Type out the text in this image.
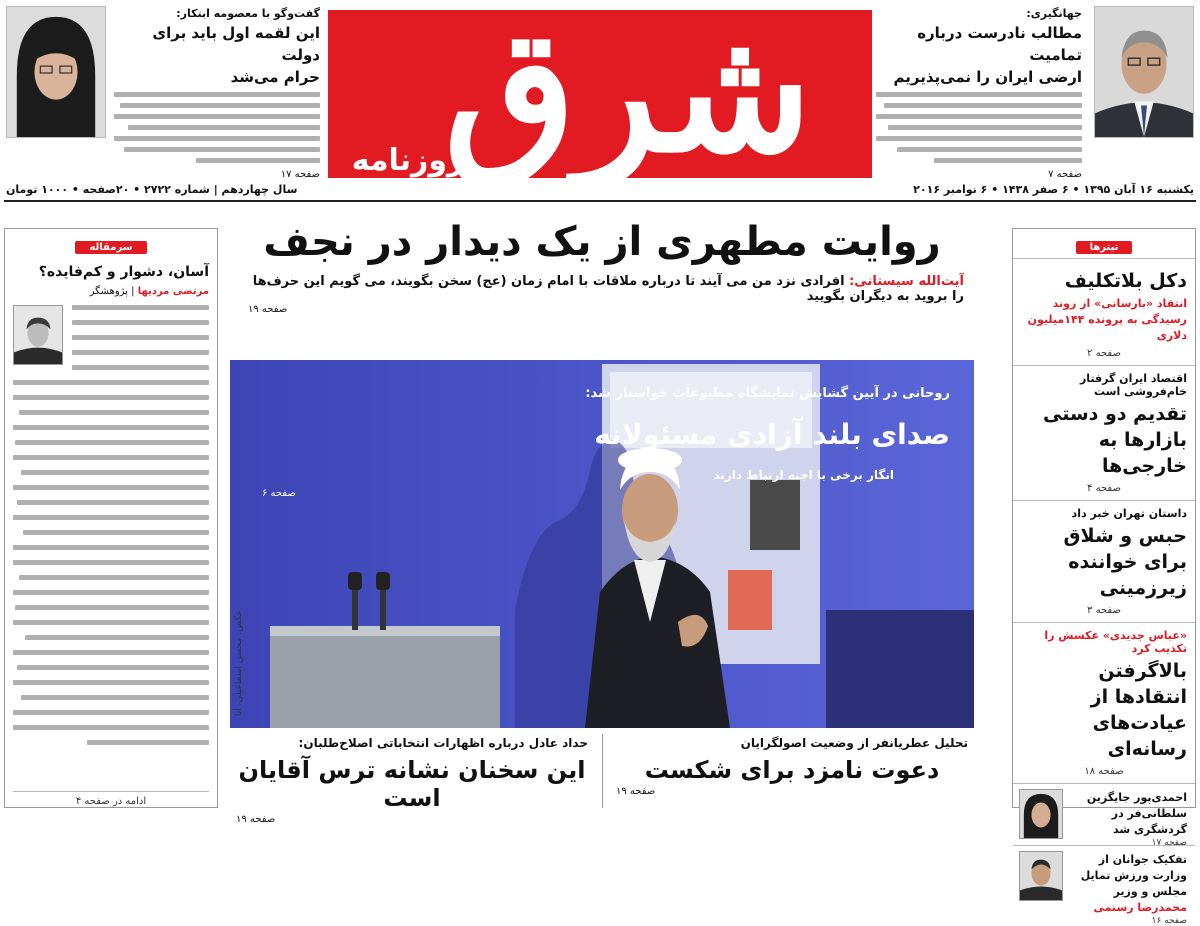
جهانگیری:
مطالب نادرست درباره تمامیت
ارضی ایران را نمی‌پذیریم
صفحه ۷
شرق
روزنامه
گفت‌و‌گو با معصومه ابتکار:
این لقمه اول باید برای دولت
حرام می‌شد
صفحه ۱۷
یکشنبه ۱۶ آبان ۱۳۹۵ • ۶ صفر ۱۴۳۸ • ۶ نوامبر ۲۰۱۶
سال چهاردهم | شماره ۲۷۲۲ • ۲۰صفحه • ۱۰۰۰ تومان
سرمقاله
آسان، دشوار و کم‌فایده؟
مرتضی مردیها | پژوهشگر
ادامه در صفحه ۴
روایت مطهری از یک دیدار در نجف
آیت‌الله سیستانی: افرادی نزد من می آیند تا درباره ملاقات با امام زمان (عج) سخن بگویند، می گویم این حرف‌ها را بروید به دیگران بگویید
صفحه ۱۹
روحانی در آیین گشایش نمایشگاه مطبوعات خواستار شد:
صدای بلند آزادی مسئولانه
انگار برخی با اجنه ارتباط دارند
صفحه ۶
عکس: محسن اسماعیلی، آنا
تحلیل عطریانفر از وضعیت اصولگرایان
دعوت نامزد برای شکست
صفحه ۱۹
حداد عادل درباره اظهارات انتخاباتی اصلاح‌طلبان:
این سخنان نشانه ترس آقایان است
صفحه ۱۹
تیترها
دکل بلاتکلیف
انتقاد «بارسانی» از روند رسیدگی به پرونده ۱۴۴میلیون دلاری
صفحه ۲
اقتصاد ایران گرفتار خام‌فروشی است
تقدیم دو دستی بازارها به خارجی‌ها
صفحه ۴
داستان تهران خبر داد
حبس و شلاق برای خواننده زیرزمینی
صفحه ۳
«عباس جدیدی» عکسش را تکذیب کرد
بالاگرفتن انتقادها از عیادت‌های رسانه‌ای
صفحه ۱۸
احمدی‌پور جایگزین سلطانی‌فر در گردشگری شد
صفحه ۱۷
تفکیک جوانان از وزارت ورزش تمایل مجلس و وزیر
محمدرضا رستمی
صفحه ۱۶
